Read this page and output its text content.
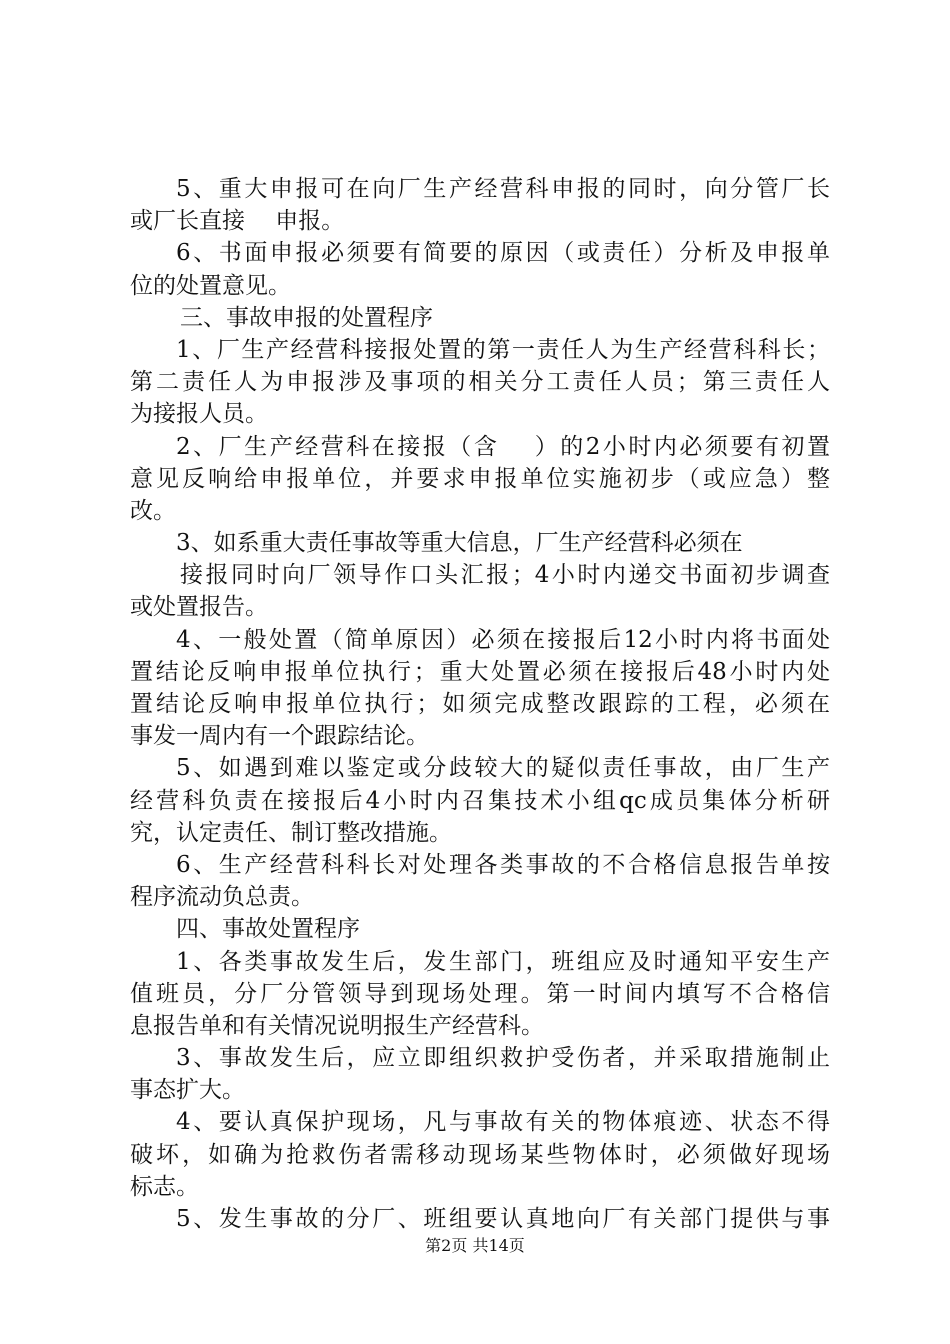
5、重大申报可在向厂生产经营科申报的同时，向分管厂长
或厂长直接　 申报。
6、书面申报必须要有简要的原因（或责任）分析及申报单
位的处置意见。
三、事故申报的处置程序
1、厂生产经营科接报处置的第一责任人为生产经营科科长；
第二责任人为申报涉及事项的相关分工责任人员；第三责任人
为接报人员。
2、厂生产经营科在接报（含　 ）的2小时内必须要有初置
意见反响给申报单位，并要求申报单位实施初步（或应急）整
改。
3、如系重大责任事故等重大信息，厂生产经营科必须在
接报同时向厂领导作口头汇报；4小时内递交书面初步调查
或处置报告。
4、一般处置（简单原因）必须在接报后12小时内将书面处
置结论反响申报单位执行；重大处置必须在接报后48小时内处
置结论反响申报单位执行；如须完成整改跟踪的工程，必须在
事发一周内有一个跟踪结论。
5、如遇到难以鉴定或分歧较大的疑似责任事故，由厂生产
经营科负责在接报后4小时内召集技术小组qc成员集体分析研
究，认定责任、制订整改措施。
6、生产经营科科长对处理各类事故的不合格信息报告单按
程序流动负总责。
四、事故处置程序
1、各类事故发生后，发生部门，班组应及时通知平安生产
值班员，分厂分管领导到现场处理。第一时间内填写不合格信
息报告单和有关情况说明报生产经营科。
3、事故发生后，应立即组织救护受伤者，并采取措施制止
事态扩大。
4、要认真保护现场，凡与事故有关的物体痕迹、状态不得
破坏，如确为抢救伤者需移动现场某些物体时，必须做好现场
标志。
5、发生事故的分厂、班组要认真地向厂有关部门提供与事
第2页 共14页
